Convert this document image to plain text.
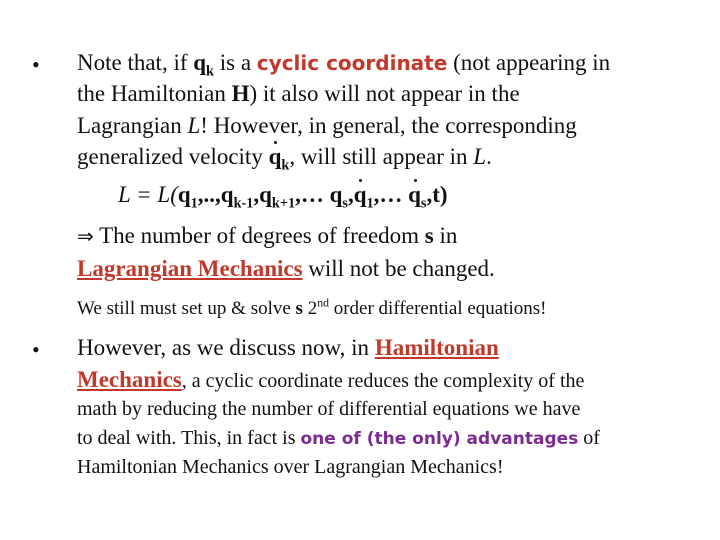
• Note that, if $q_k$ is a cyclic coordinate (not appearing in
the Hamiltonian H) it also will not appear in the
Lagrangian L! However, in general, the corresponding
generalized velocity $q_k$, will still appear in L.
$L = L(q_1,..,q_{k-1},q_{k+1},\dots$ $q_s,q_1,\dots$ $q_s,t$)
⇒ The number of degrees of freedom s in
Lagrangian Mechanics will not be changed.
We still must set up & solve s 2nd order differential equations!
• However, as we discuss now, in Hamiltonian
Mechanics, a cyclic coordinate reduces the complexity of the
math by reducing the number of differential equations we have
to deal with. This, in fact is one of (the only) advantages of
Hamiltonian Mechanics over Lagrangian Mechanics!
